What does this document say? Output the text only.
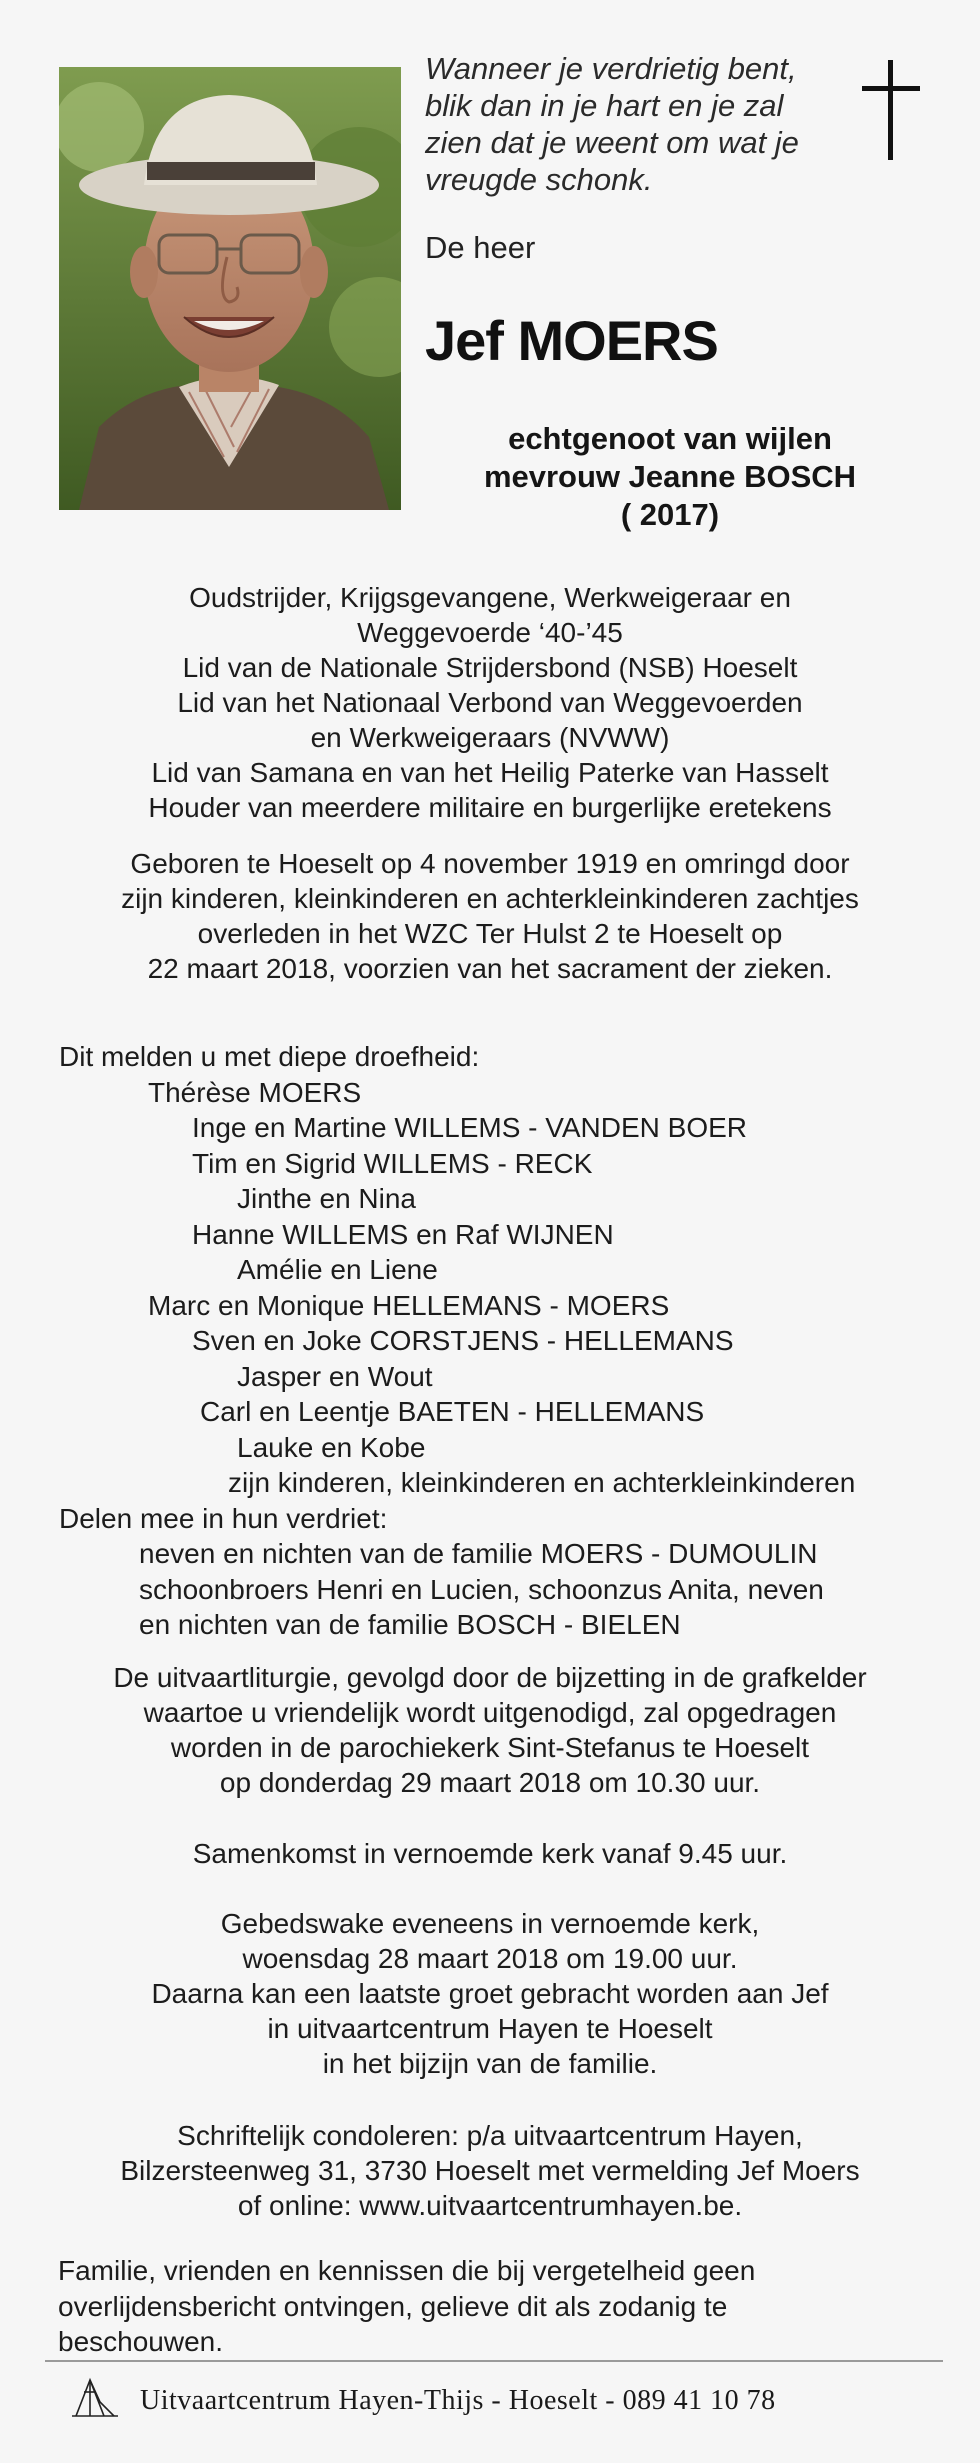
Wanneer je verdrietig bent,
blik dan in je hart en je zal
zien dat je weent om wat je
vreugde schonk.
De heer
Jef MOERS
echtgenoot van wijlen
mevrouw Jeanne BOSCH
( 2017)
Oudstrijder, Krijgsgevangene, Werkweigeraar en
Weggevoerde ‘40-’45
Lid van de Nationale Strijdersbond (NSB) Hoeselt
Lid van het Nationaal Verbond van Weggevoerden
en Werkweigeraars (NVWW)
Lid van Samana en van het Heilig Paterke van Hasselt
Houder van meerdere militaire en burgerlijke eretekens
Geboren te Hoeselt op 4 november 1919 en omringd door
zijn kinderen, kleinkinderen en achterkleinkinderen zachtjes
overleden in het WZC Ter Hulst 2 te Hoeselt op
22 maart 2018, voorzien van het sacrament der zieken.
Dit melden u met diepe droefheid:
Thérèse MOERS
Inge en Martine WILLEMS - VANDEN BOER
Tim en Sigrid WILLEMS - RECK
Jinthe en Nina
Hanne WILLEMS en Raf WIJNEN
Amélie en Liene
Marc en Monique HELLEMANS - MOERS
Sven en Joke CORSTJENS - HELLEMANS
Jasper en Wout
Carl en Leentje BAETEN - HELLEMANS
Lauke en Kobe
zijn kinderen, kleinkinderen en achterkleinkinderen
Delen mee in hun verdriet:
neven en nichten van de familie MOERS - DUMOULIN
schoonbroers Henri en Lucien, schoonzus Anita, neven
en nichten van de familie BOSCH - BIELEN
De uitvaartliturgie, gevolgd door de bijzetting in de grafkelder
waartoe u vriendelijk wordt uitgenodigd, zal opgedragen
worden in de parochiekerk Sint-Stefanus te Hoeselt
op donderdag 29 maart 2018 om 10.30 uur.
Samenkomst in vernoemde kerk vanaf 9.45 uur.
Gebedswake eveneens in vernoemde kerk,
woensdag 28 maart 2018 om 19.00 uur.
Daarna kan een laatste groet gebracht worden aan Jef
in uitvaartcentrum Hayen te Hoeselt
in het bijzijn van de familie.
Schriftelijk condoleren: p/a uitvaartcentrum Hayen,
Bilzersteenweg 31, 3730 Hoeselt met vermelding Jef Moers
of online: www.uitvaartcentrumhayen.be.
Familie, vrienden en kennissen die bij vergetelheid geen
overlijdensbericht ontvingen, gelieve dit als zodanig te
beschouwen.
Uitvaartcentrum Hayen-Thijs - Hoeselt - 089 41 10 78
